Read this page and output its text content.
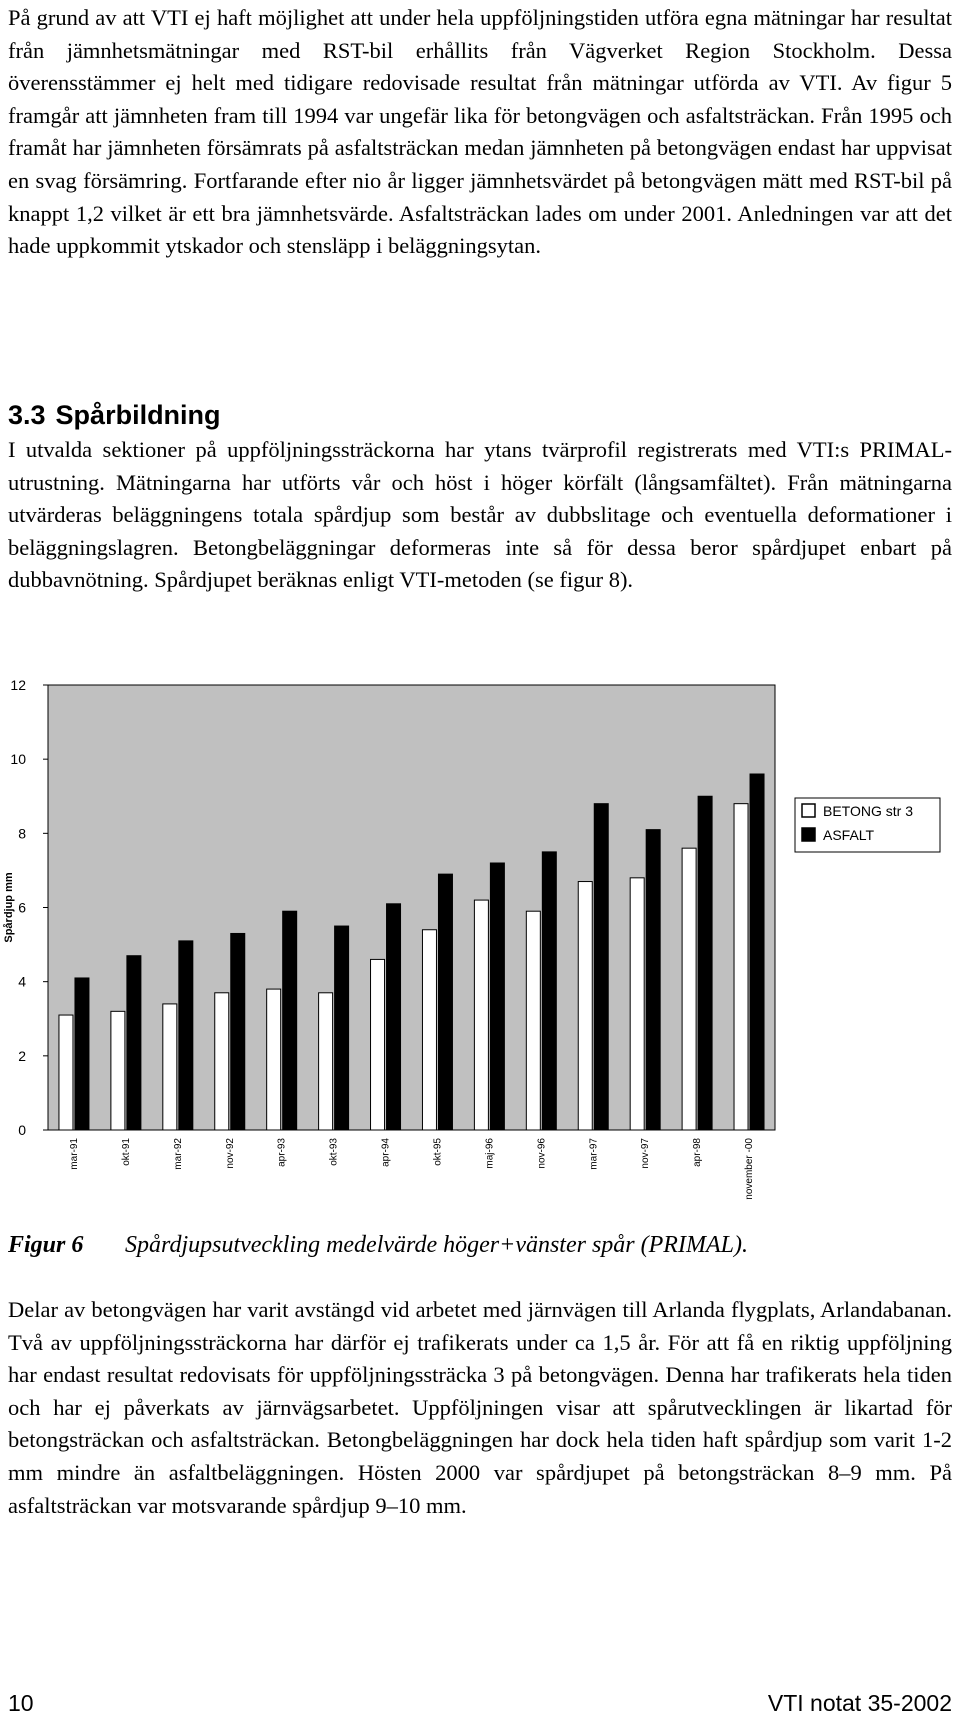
På grund av att VTI ej haft möjlighet att under hela uppföljningstiden utföra egna mätningar har resultat från jämnhetsmätningar med RST-bil erhållits från Vägverket Region Stockholm. Dessa överensstämmer ej helt med tidigare redovisade resultat från mätningar utförda av VTI. Av figur 5 framgår att jämnheten fram till 1994 var ungefär lika för betongvägen och asfaltsträckan. Från 1995 och framåt har jämnheten försämrats på asfaltsträckan medan jämnheten på betongvägen endast har uppvisat en svag försämring. Fortfarande efter nio år ligger jämnhetsvärdet på betongvägen mätt med RST-bil på knappt 1,2 vilket är ett bra jämnhetsvärde. Asfaltsträckan lades om under 2001. Anledningen var att det hade uppkommit ytskador och stensläpp i beläggningsytan.

3.3 Spårbildning

I utvalda sektioner på uppföljningssträckorna har ytans tvärprofil registrerats med VTI:s PRIMAL-utrustning. Mätningarna har utförts vår och höst i höger körfält (långsamfältet). Från mätningarna utvärderas beläggningens totala spårdjup som består av dubbslitage och eventuella deformationer i beläggningslagren. Betongbeläggningar deformeras inte så för dessa beror spårdjupet enbart på dubbavnötning. Spårdjupet beräknas enligt VTI-metoden (se figur 8).

0
2
4
6
8
10
12
Spårdjup mm
mar-91	okt-91	mar-92	nov-92	apr-93	okt-93	apr-94	okt-95	maj-96	nov-96	mar-97	nov-97	apr-98	november -00
BETONG str 3
ASFALT

Figur 6 Spårdjupsutveckling medelvärde höger+vänster spår (PRIMAL).

Delar av betongvägen har varit avstängd vid arbetet med järnvägen till Arlanda flygplats, Arlandabanan. Två av uppföljningssträckorna har därför ej trafikerats under ca 1,5 år. För att få en riktig uppföljning har endast resultat redovisats för uppföljningssträcka 3 på betongvägen. Denna har trafikerats hela tiden och har ej påverkats av järnvägsarbetet. Uppföljningen visar att spårutvecklingen är likartad för betongsträckan och asfaltsträckan. Betongbeläggningen har dock hela tiden haft spårdjup som varit 1-2 mm mindre än asfaltbeläggningen. Hösten 2000 var spårdjupet på betongsträckan 8–9 mm. På asfaltsträckan var motsvarande spårdjup 9–10 mm.

10	VTI notat 35-2002
